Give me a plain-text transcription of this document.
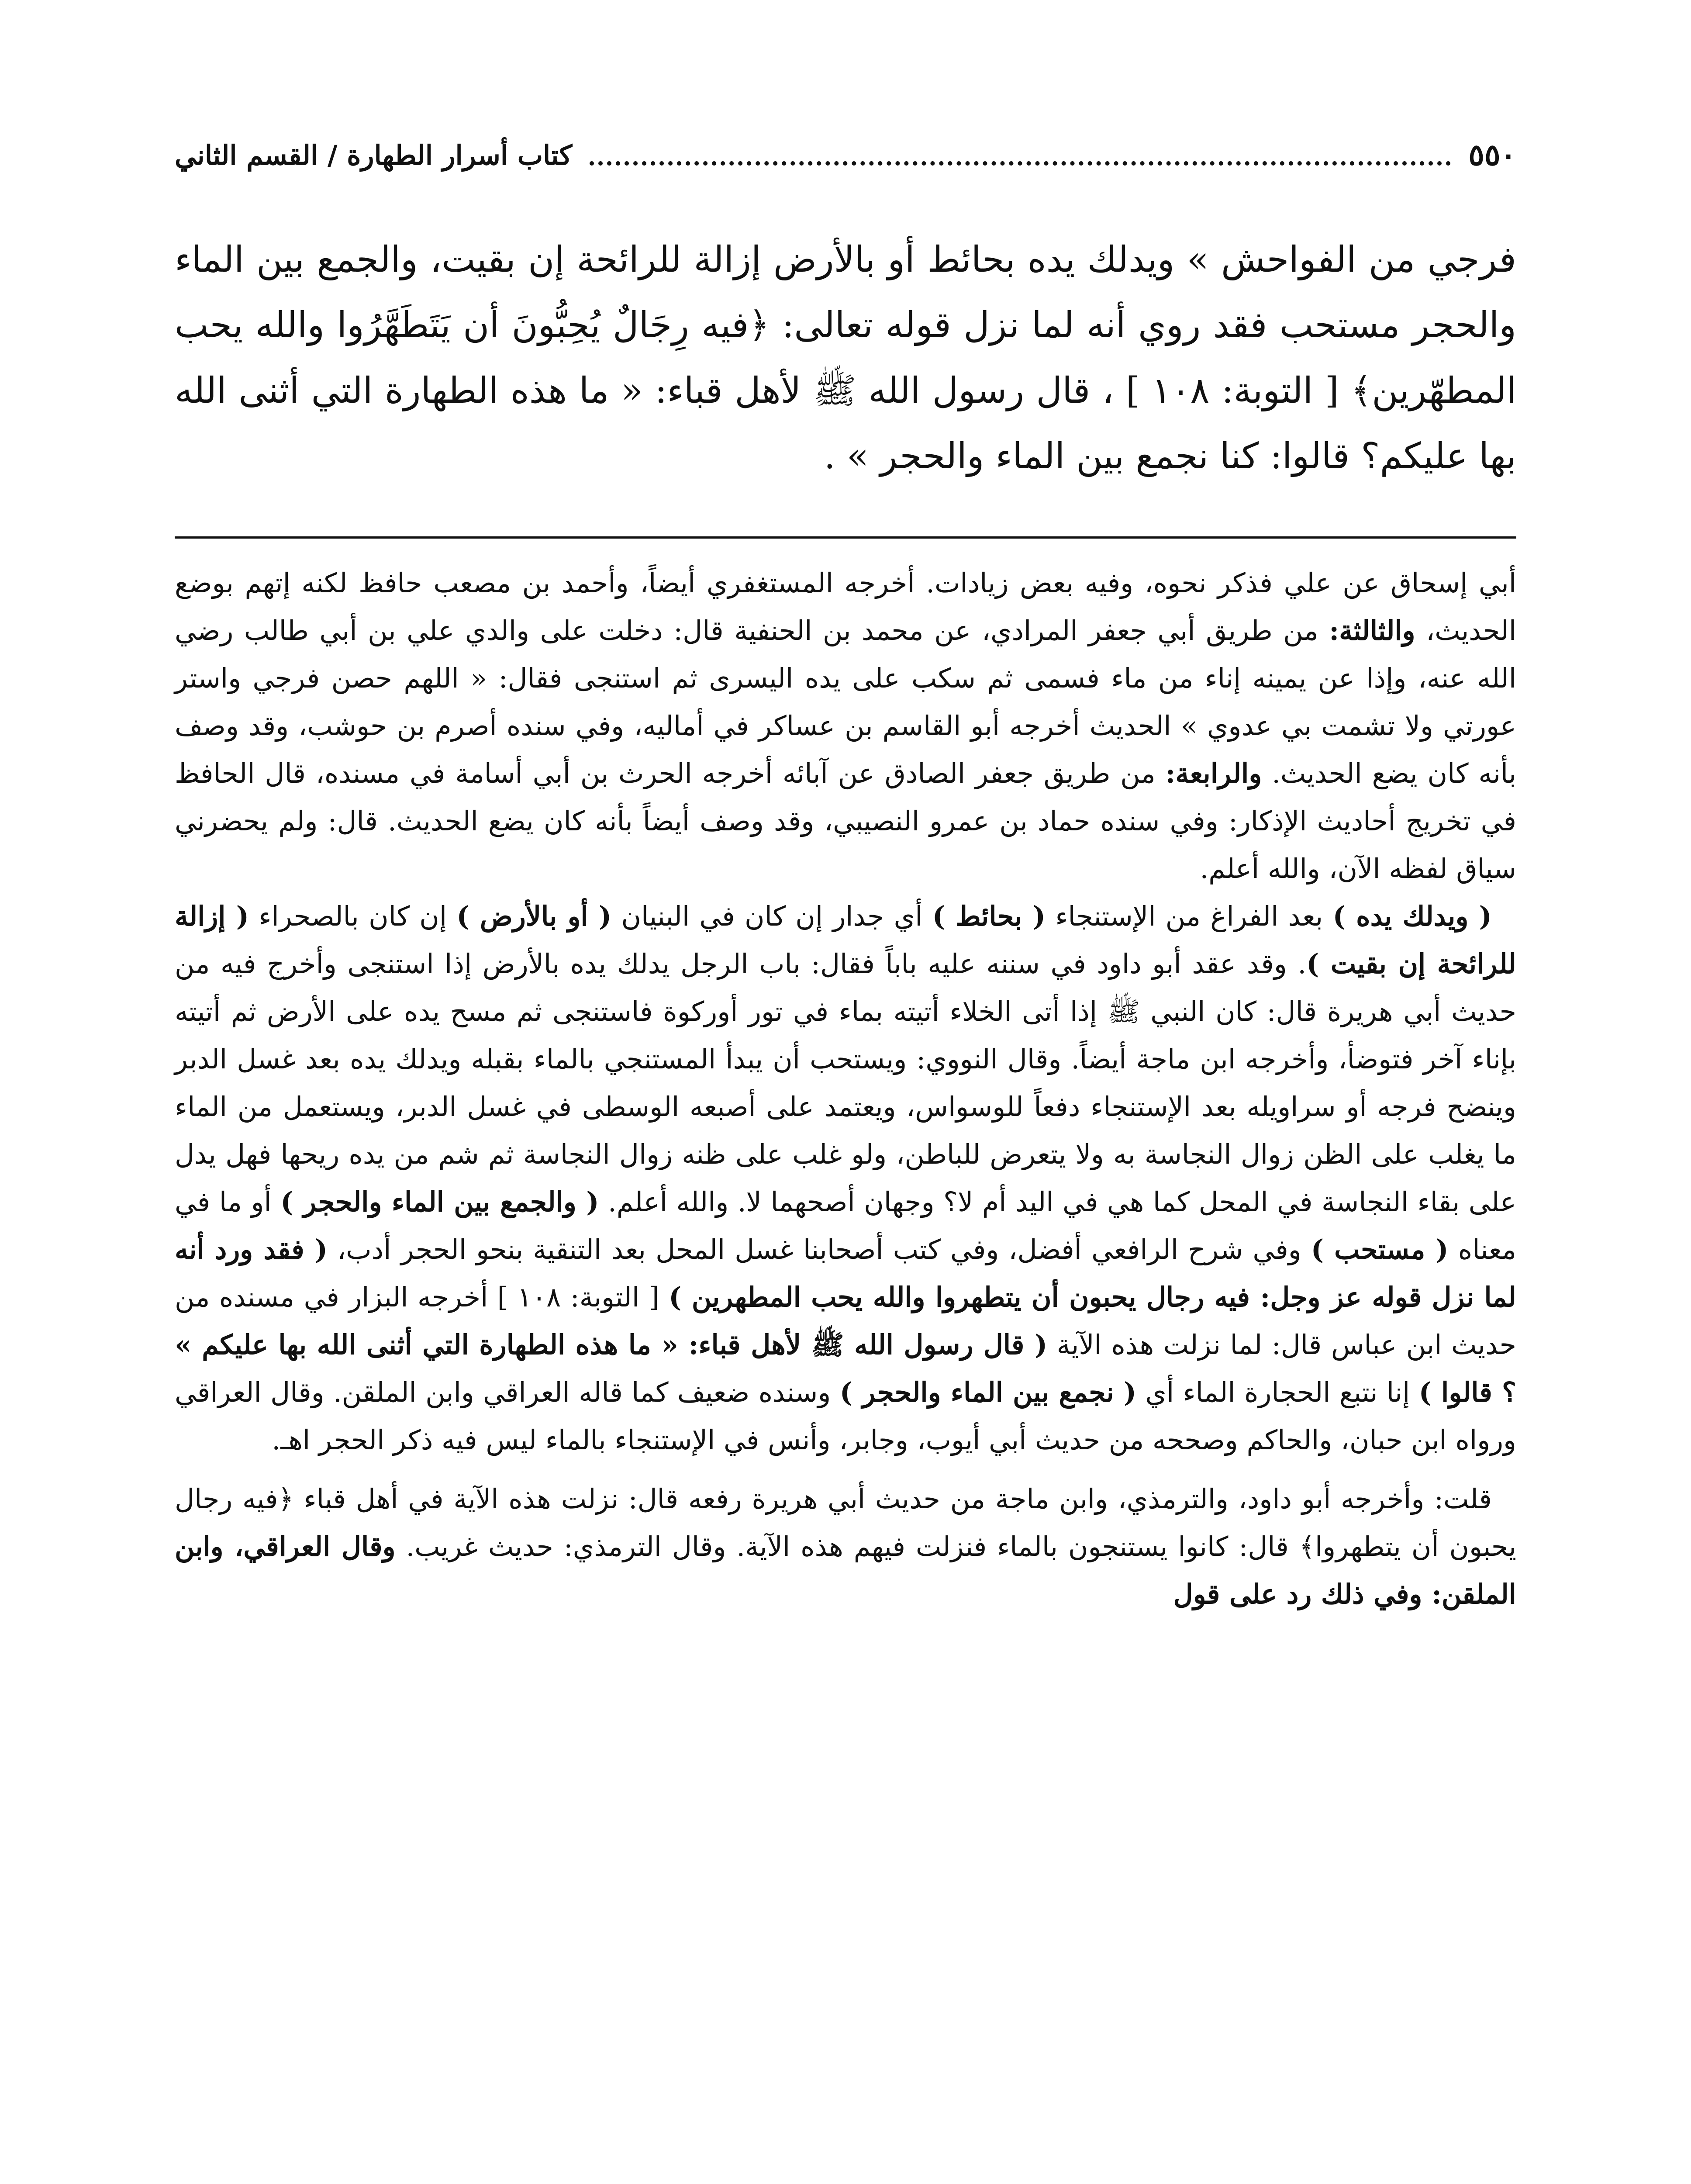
٥٥٠
كتاب أسرار الطهارة / القسم الثاني

فرجي من الفواحش » ويدلك يده بحائط أو بالأرض إزالة للرائحة إن بقيت، والجمع بين الماء والحجر مستحب فقد روي أنه لما نزل قوله تعالى: ﴿فيه رِجَالٌ يُحِبُّونَ أن يَتَطَهَّرُوا والله يحب المطهّرين﴾ [ التوبة: ١٠٨ ] ، قال رسول الله ﷺ لأهل قباء: « ما هذه الطهارة التي أثنى الله بها عليكم؟ قالوا: كنا نجمع بين الماء والحجر » .

أبي إسحاق عن علي فذكر نحوه، وفيه بعض زيادات. أخرجه المستغفري أيضاً، وأحمد بن مصعب حافظ لكنه إتهم بوضع الحديث، والثالثة: من طريق أبي جعفر المرادي، عن محمد بن الحنفية قال: دخلت على والدي علي بن أبي طالب رضي الله عنه، وإذا عن يمينه إناء من ماء فسمى ثم سكب على يده اليسرى ثم استنجى فقال: « اللهم حصن فرجي واستر عورتي ولا تشمت بي عدوي » الحديث أخرجه أبو القاسم بن عساكر في أماليه، وفي سنده أصرم بن حوشب، وقد وصف بأنه كان يضع الحديث. والرابعة: من طريق جعفر الصادق عن آبائه أخرجه الحرث بن أبي أسامة في مسنده، قال الحافظ في تخريج أحاديث الإذكار: وفي سنده حماد بن عمرو النصيبي، وقد وصف أيضاً بأنه كان يضع الحديث. قال: ولم يحضرني سياق لفظه الآن، والله أعلم.

( ويدلك يده ) بعد الفراغ من الإستنجاء ( بحائط ) أي جدار إن كان في البنيان ( أو بالأرض ) إن كان بالصحراء ( إزالة للرائحة إن بقيت ). وقد عقد أبو داود في سننه عليه باباً فقال: باب الرجل يدلك يده بالأرض إذا استنجى وأخرج فيه من حديث أبي هريرة قال: كان النبي ﷺ إذا أتى الخلاء أتيته بماء في تور أوركوة فاستنجى ثم مسح يده على الأرض ثم أتيته بإناء آخر فتوضأ، وأخرجه ابن ماجة أيضاً. وقال النووي: ويستحب أن يبدأ المستنجي بالماء بقبله ويدلك يده بعد غسل الدبر وينضح فرجه أو سراويله بعد الإستنجاء دفعاً للوسواس، ويعتمد على أصبعه الوسطى في غسل الدبر، ويستعمل من الماء ما يغلب على الظن زوال النجاسة به ولا يتعرض للباطن، ولو غلب على ظنه زوال النجاسة ثم شم من يده ريحها فهل يدل على بقاء النجاسة في المحل كما هي في اليد أم لا؟ وجهان أصحهما لا. والله أعلم. ( والجمع بين الماء والحجر ) أو ما في معناه ( مستحب ) وفي شرح الرافعي أفضل، وفي كتب أصحابنا غسل المحل بعد التنقية بنحو الحجر أدب، ( فقد ورد أنه لما نزل قوله عز وجل: فيه رجال يحبون أن يتطهروا والله يحب المطهرين ) [ التوبة: ١٠٨ ] أخرجه البزار في مسنده من حديث ابن عباس قال: لما نزلت هذه الآية ( قال رسول الله ﷺ لأهل قباء: « ما هذه الطهارة التي أثنى الله بها عليكم » ؟ قالوا ) إنا نتبع الحجارة الماء أي ( نجمع بين الماء والحجر ) وسنده ضعيف كما قاله العراقي وابن الملقن. وقال العراقي ورواه ابن حبان، والحاكم وصححه من حديث أبي أيوب، وجابر، وأنس في الإستنجاء بالماء ليس فيه ذكر الحجر اهـ.

قلت: وأخرجه أبو داود، والترمذي، وابن ماجة من حديث أبي هريرة رفعه قال: نزلت هذه الآية في أهل قباء ﴿فيه رجال يحبون أن يتطهروا﴾ قال: كانوا يستنجون بالماء فنزلت فيهم هذه الآية. وقال الترمذي: حديث غريب. وقال العراقي، وابن الملقن: وفي ذلك رد على قول
